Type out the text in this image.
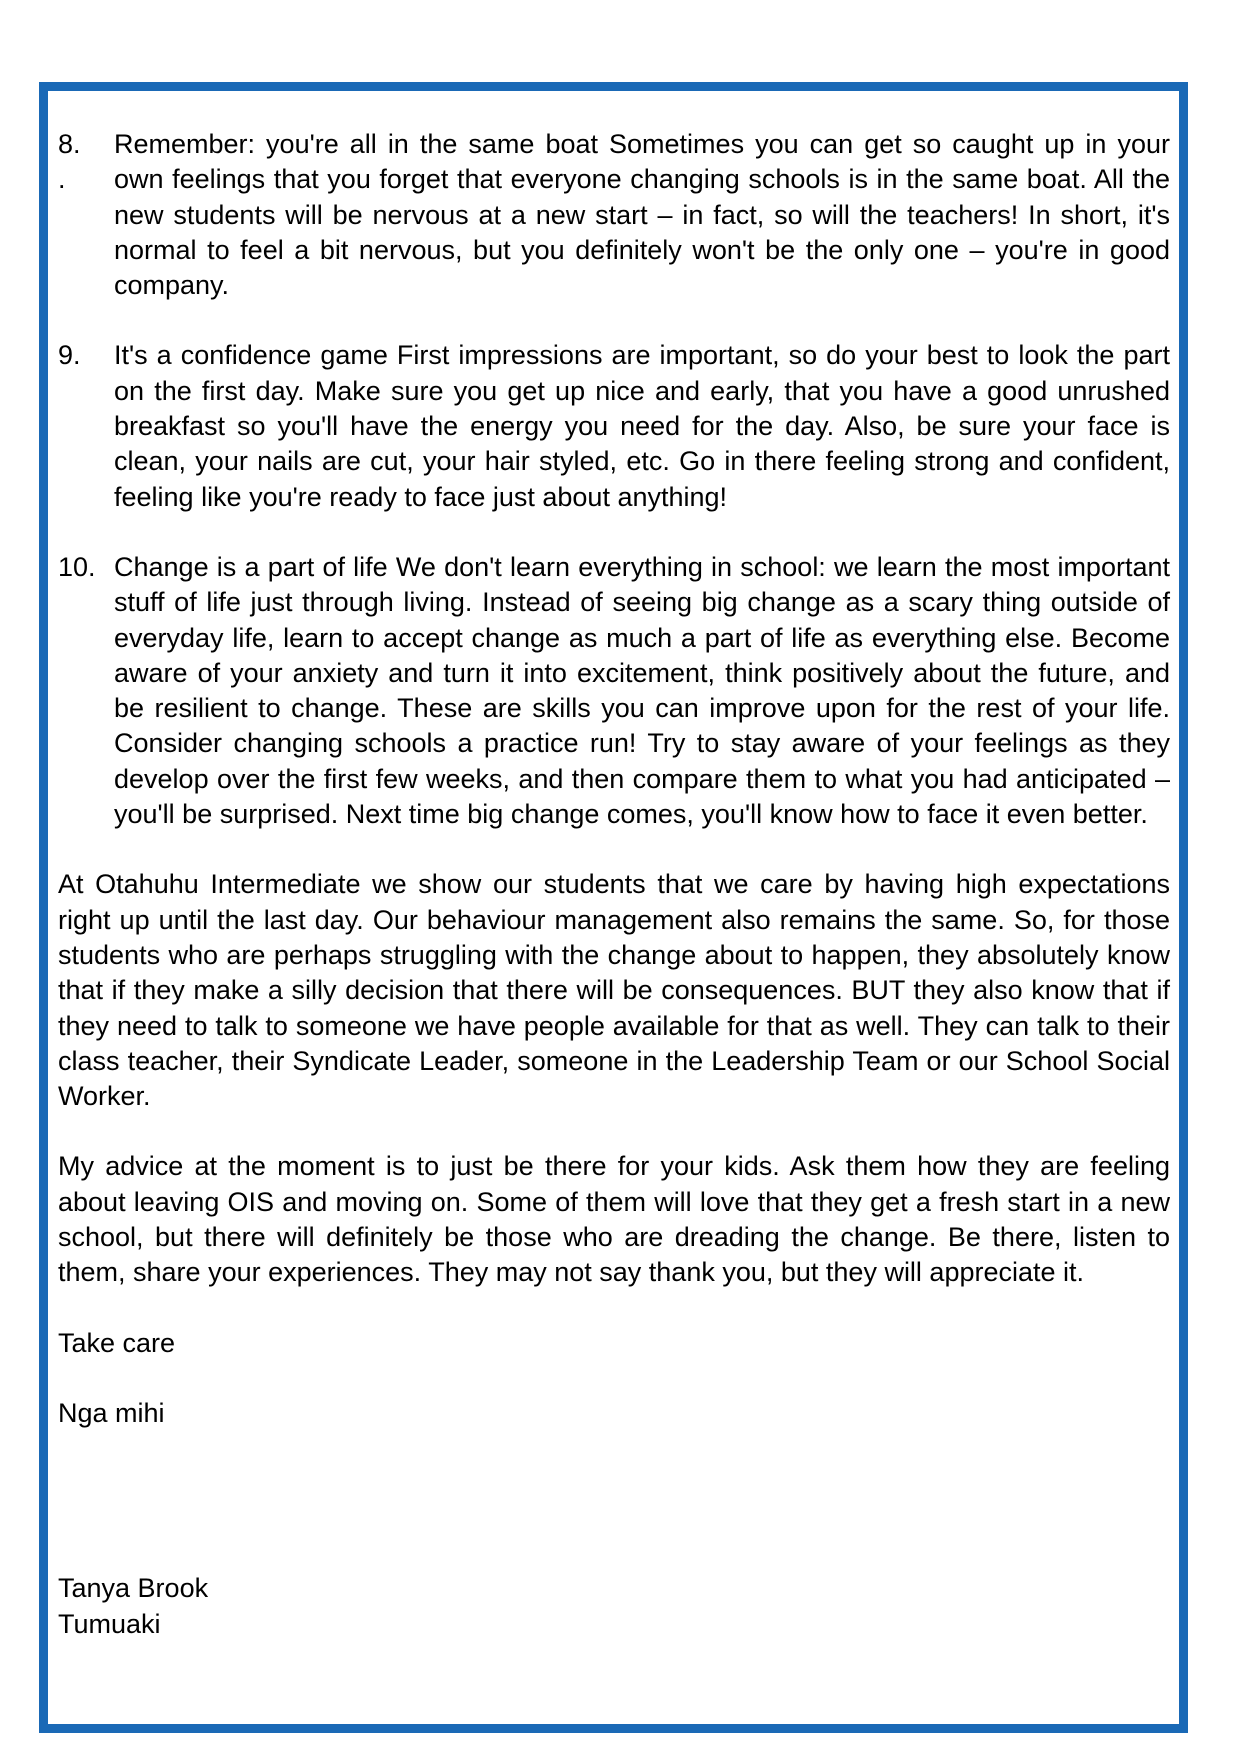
8.
.
Remember: you're all in the same boat Sometimes you can get so caught up in your own feelings that you forget that everyone changing schools is in the same boat. All the new students will be nervous at a new start – in fact, so will the teachers! In short, it's normal to feel a bit nervous, but you definitely won't be the only one – you're in good company.
9.	It's a confidence game First impressions are important, so do your best to look the part on the first day. Make sure you get up nice and early, that you have a good unrushed breakfast so you'll have the energy you need for the day. Also, be sure your face is clean, your nails are cut, your hair styled, etc. Go in there feeling strong and confident, feeling like you're ready to face just about anything!
10. Change is a part of life We don't learn everything in school: we learn the most important stuff of life just through living. Instead of seeing big change as a scary thing outside of everyday life, learn to accept change as much a part of life as everything else. Become aware of your anxiety and turn it into excitement, think positively about the future, and be resilient to change. These are skills you can improve upon for the rest of your life. Consider changing schools a practice run! Try to stay aware of your feelings as they develop over the first few weeks, and then compare them to what you had anticipated – you'll be surprised. Next time big change comes, you'll know how to face it even better.

At Otahuhu Intermediate we show our students that we care by having high expectations right up until the last day. Our behaviour management also remains the same. So, for those students who are perhaps struggling with the change about to happen, they absolutely know that if they make a silly decision that there will be consequences. BUT they also know that if they need to talk to someone we have people available for that as well. They can talk to their class teacher, their Syndicate Leader, someone in the Leadership Team or our School Social Worker.

My advice at the moment is to just be there for your kids. Ask them how they are feeling about leaving OIS and moving on. Some of them will love that they get a fresh start in a new school, but there will definitely be those who are dreading the change. Be there, listen to them, share your experiences. They may not say thank you, but they will appreciate it.

Take care

Nga mihi

Tanya Brook

Tumuaki
